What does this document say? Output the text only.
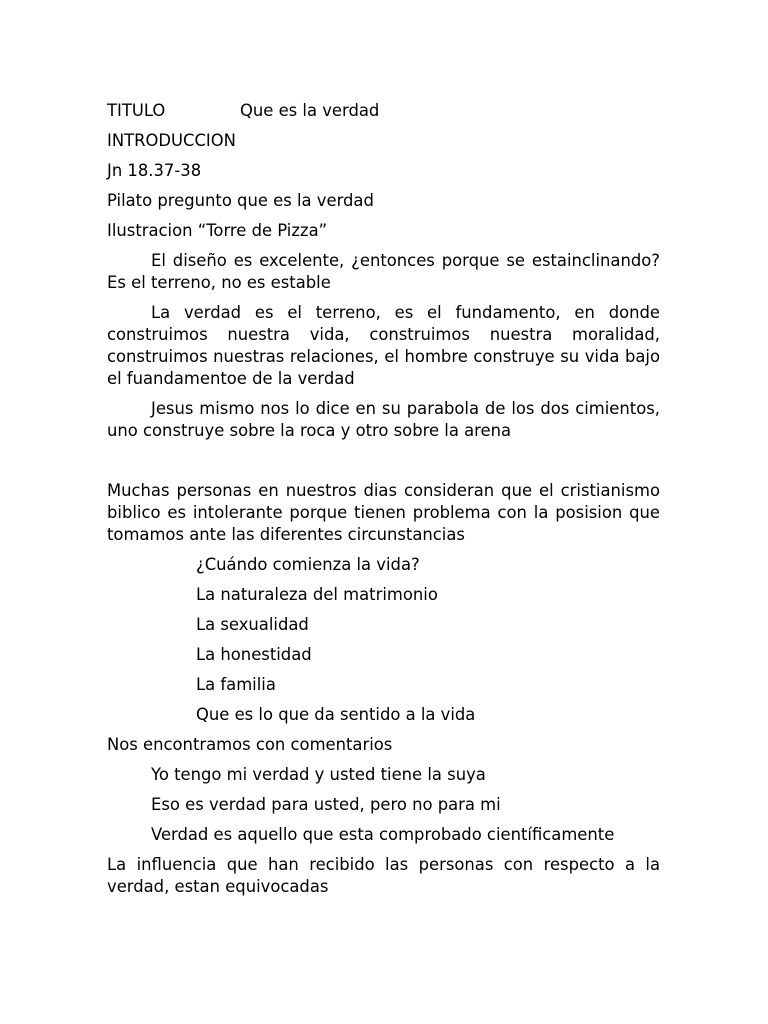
TITULO	Que es la verdad
INTRODUCCION
Jn 18.37-38
Pilato pregunto que es la verdad
Ilustracion “Torre de Pizza”

El diseño es excelente, ¿entonces porque se estainclinando? Es el terreno, no es estable

La verdad es el terreno, es el fundamento, en donde construimos nuestra vida, construimos nuestra moralidad, construimos nuestras relaciones, el hombre construye su vida bajo el fuandamentoe de la verdad

Jesus mismo nos lo dice en su parabola de los dos cimientos, uno construye sobre la roca y otro sobre la arena

Muchas personas en nuestros dias consideran que el cristianismo biblico es intolerante porque tienen problema con la posision que tomamos ante las diferentes circunstancias

¿Cuándo comienza la vida?
La naturaleza del matrimonio
La sexualidad
La honestidad
La familia
Que es lo que da sentido a la vida
Nos encontramos con comentarios
Yo tengo mi verdad y usted tiene la suya
Eso es verdad para usted, pero no para mi
Verdad es aquello que esta comprobado científicamente

La influencia que han recibido las personas con respecto a la verdad, estan equivocadas
